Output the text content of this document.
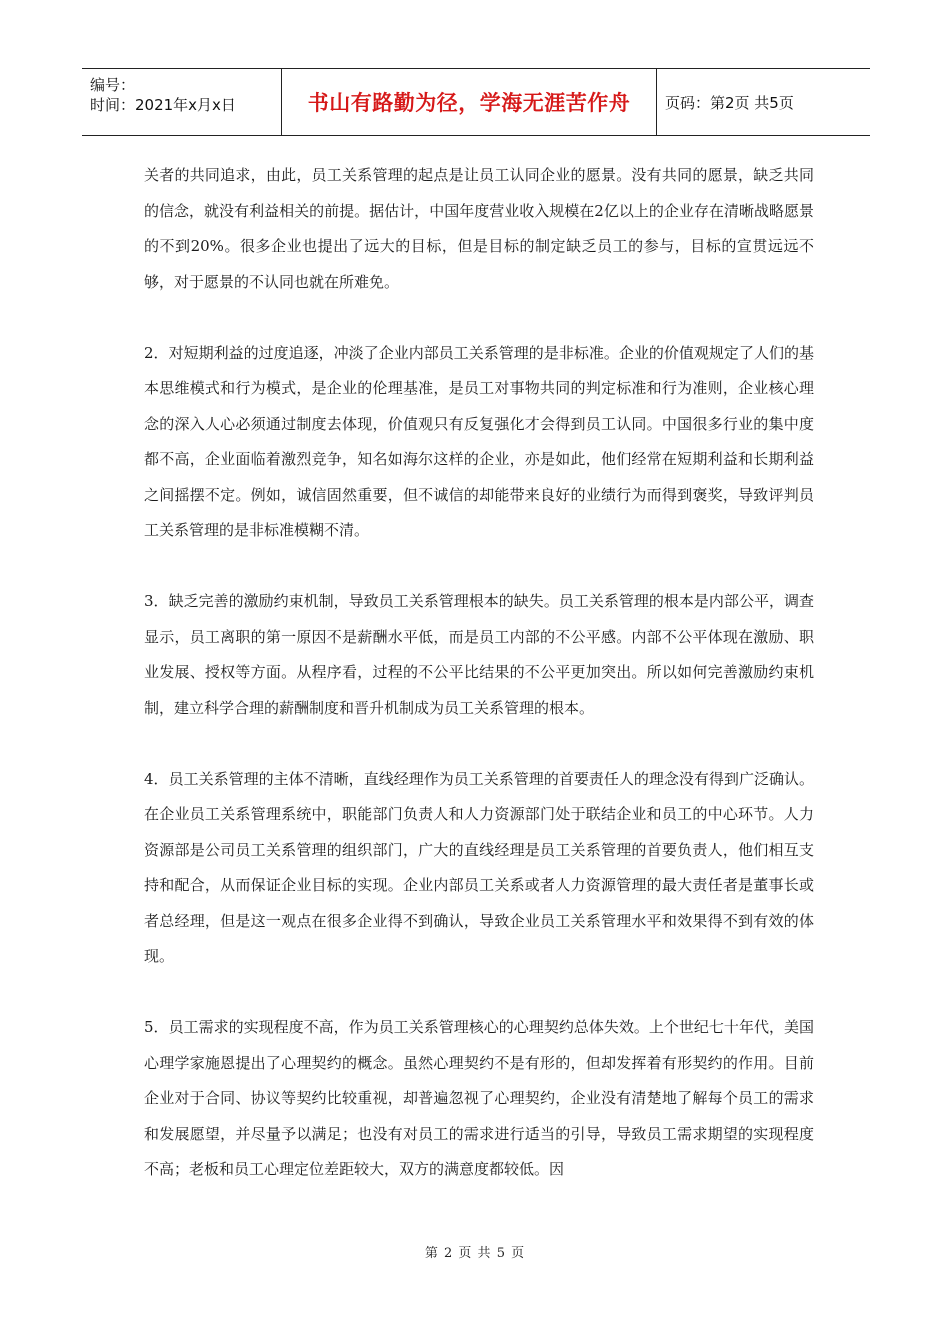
编号：
时间：2021年x月x日	书山有路勤为径，学海无涯苦作舟 页码：第2页 共5页

关者的共同追求，由此，员工关系管理的起点是让员工认同企业的愿景。没有共同的愿景，缺乏共同的信念，就没有利益相关的前提。据估计，中国年度营业收入规模在2亿以上的企业存在清晰战略愿景的不到20%。很多企业也提出了远大的目标，但是目标的制定缺乏员工的参与，目标的宣贯远远不够，对于愿景的不认同也就在所难免。

2．对短期利益的过度追逐，冲淡了企业内部员工关系管理的是非标准。企业的价值观规定了人们的基本思维模式和行为模式，是企业的伦理基准，是员工对事物共同的判定标准和行为准则，企业核心理念的深入人心必须通过制度去体现，价值观只有反复强化才会得到员工认同。中国很多行业的集中度都不高，企业面临着激烈竞争，知名如海尔这样的企业，亦是如此，他们经常在短期利益和长期利益之间摇摆不定。例如，诚信固然重要，但不诚信的却能带来良好的业绩行为而得到褒奖，导致评判员工关系管理的是非标准模糊不清。

3．缺乏完善的激励约束机制，导致员工关系管理根本的缺失。员工关系管理的根本是内部公平，调查显示，员工离职的第一原因不是薪酬水平低，而是员工内部的不公平感。内部不公平体现在激励、职业发展、授权等方面。从程序看，过程的不公平比结果的不公平更加突出。所以如何完善激励约束机制，建立科学合理的薪酬制度和晋升机制成为员工关系管理的根本。

4．员工关系管理的主体不清晰，直线经理作为员工关系管理的首要责任人的理念没有得到广泛确认。在企业员工关系管理系统中，职能部门负责人和人力资源部门处于联结企业和员工的中心环节。人力资源部是公司员工关系管理的组织部门，广大的直线经理是员工关系管理的首要负责人，他们相互支持和配合，从而保证企业目标的实现。企业内部员工关系或者人力资源管理的最大责任者是董事长或者总经理，但是这一观点在很多企业得不到确认，导致企业员工关系管理水平和效果得不到有效的体现。

5．员工需求的实现程度不高，作为员工关系管理核心的心理契约总体失效。上个世纪七十年代，美国心理学家施恩提出了心理契约的概念。虽然心理契约不是有形的，但却发挥着有形契约的作用。目前企业对于合同、协议等契约比较重视，却普遍忽视了心理契约，企业没有清楚地了解每个员工的需求和发展愿望，并尽量予以满足；也没有对员工的需求进行适当的引导，导致员工需求期望的实现程度不高；老板和员工心理定位差距较大，双方的满意度都较低。因

第 2 页 共 5 页
